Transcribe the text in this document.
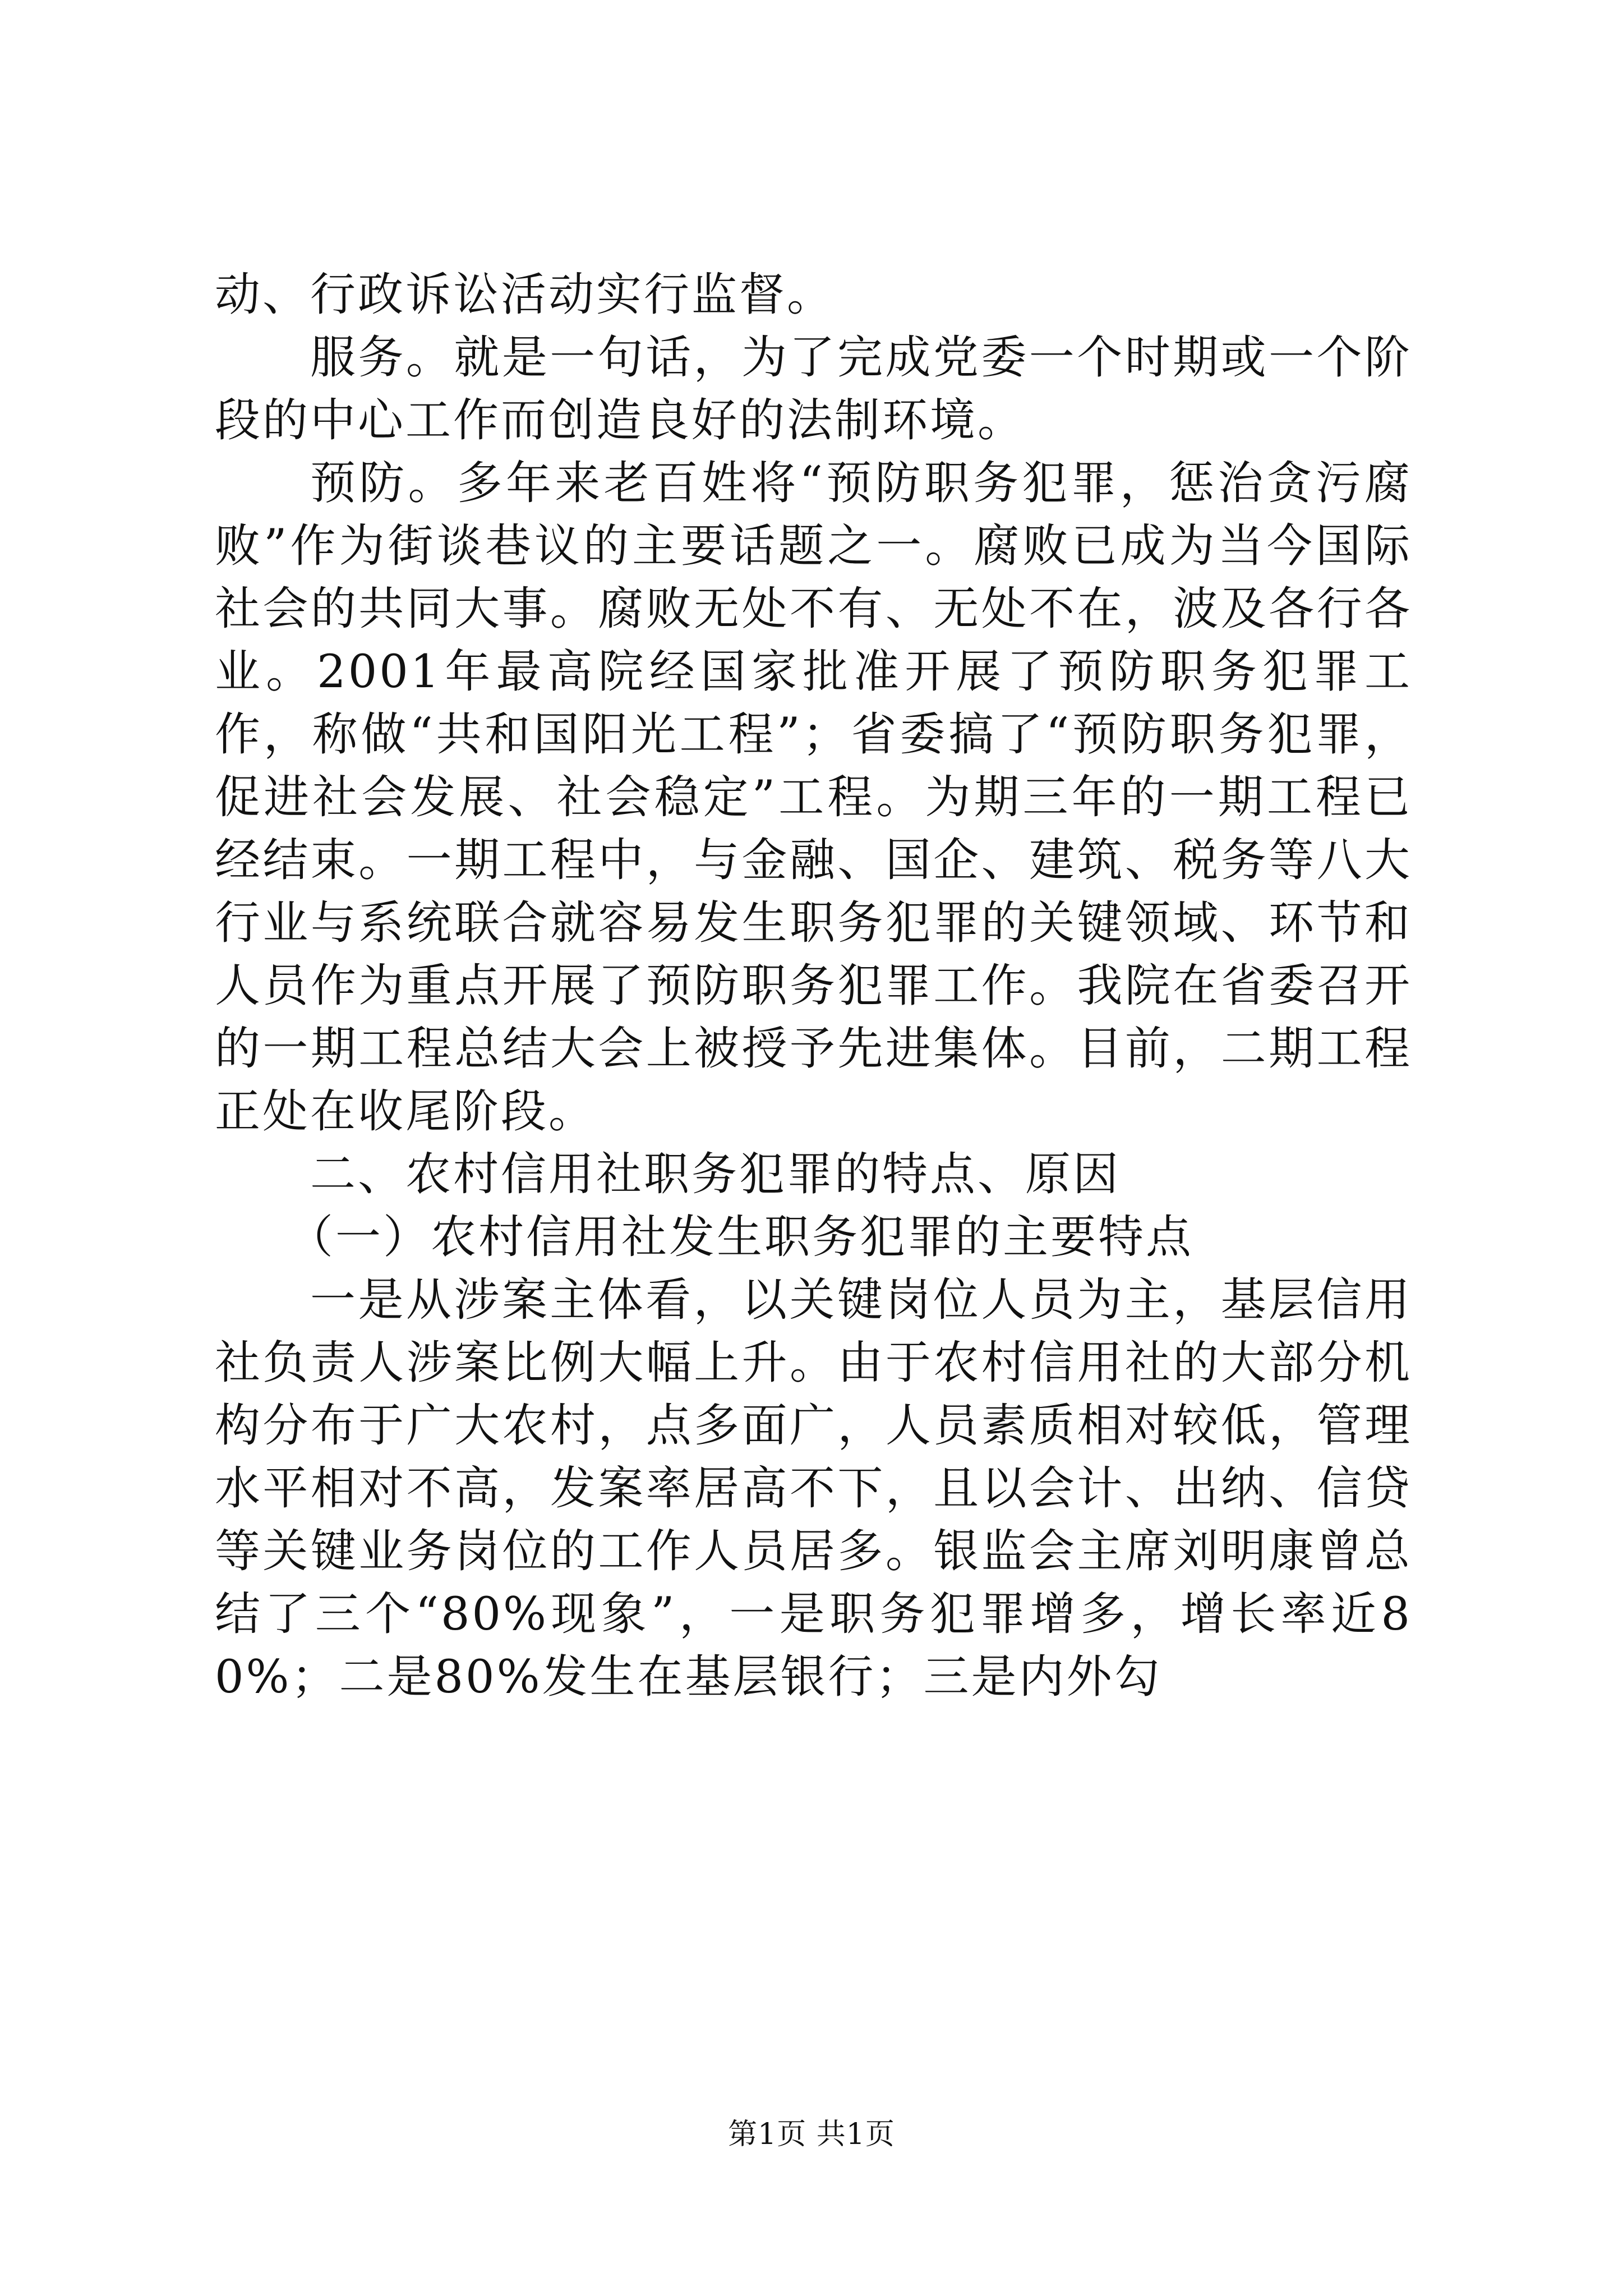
动、行政诉讼活动实行监督。

服务。就是一句话，为了完成党委一个时期或一个阶段的中心工作而创造良好的法制环境。

预防。多年来老百姓将“预防职务犯罪，惩治贪污腐败”作为街谈巷议的主要话题之一。腐败已成为当今国际社会的共同大事。腐败无处不有、无处不在，波及各行各业。2001年最高院经国家批准开展了预防职务犯罪工作，称做“共和国阳光工程”；省委搞了“预防职务犯罪，促进社会发展、社会稳定”工程。为期三年的一期工程已经结束。一期工程中，与金融、国企、建筑、税务等八大行业与系统联合就容易发生职务犯罪的关键领域、环节和人员作为重点开展了预防职务犯罪工作。我院在省委召开的一期工程总结大会上被授予先进集体。目前，二期工程正处在收尾阶段。

二、农村信用社职务犯罪的特点、原因

（一）农村信用社发生职务犯罪的主要特点

一是从涉案主体看，以关键岗位人员为主，基层信用社负责人涉案比例大幅上升。由于农村信用社的大部分机构分布于广大农村，点多面广，人员素质相对较低，管理水平相对不高，发案率居高不下，且以会计、出纳、信贷等关键业务岗位的工作人员居多。银监会主席刘明康曾总结了三个“80%现象”，一是职务犯罪增多，增长率近80%；二是80%发生在基层银行；三是内外勾

第1页 共1页
